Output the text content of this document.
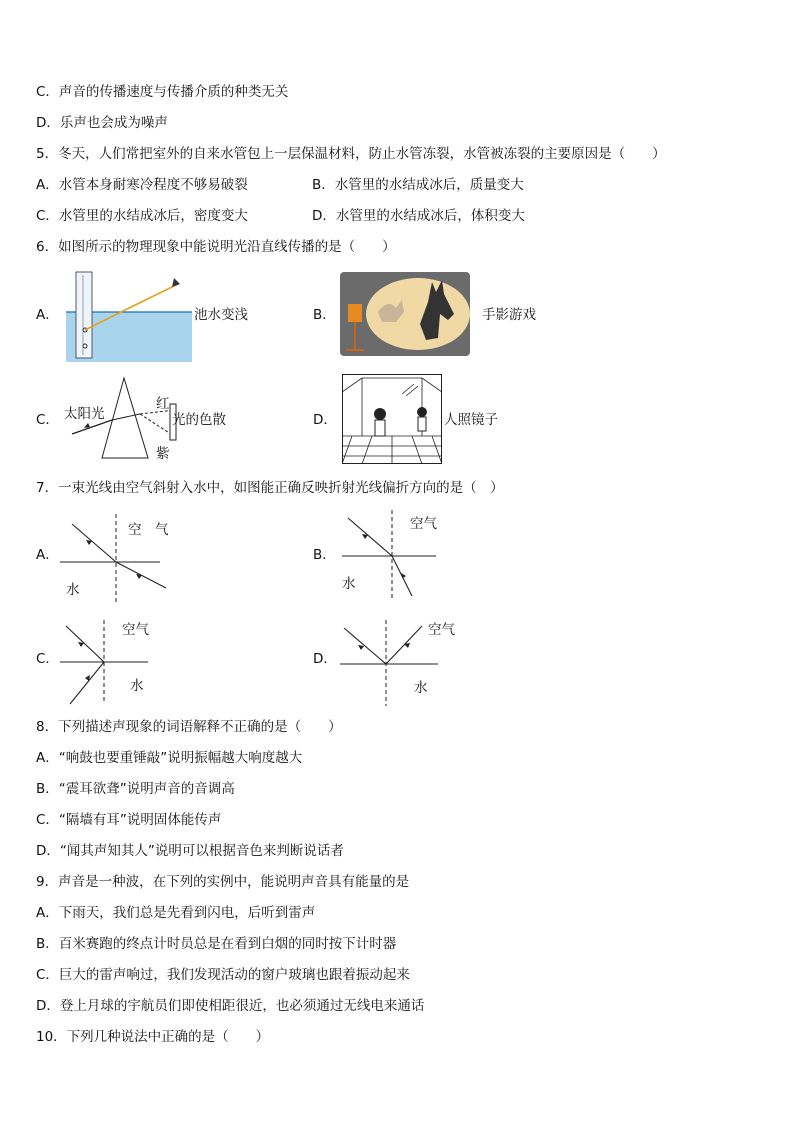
C．声音的传播速度与传播介质的种类无关
D．乐声也会成为噪声
5．冬天，人们常把室外的自来水管包上一层保温材料，防止水管冻裂，水管被冻裂的主要原因是（　　）
A．水管本身耐寒冷程度不够易破裂	B．水管里的水结成冰后，质量变大
C．水管里的水结成冰后，密度变大	D．水管里的水结成冰后，体积变大
6．如图所示的物理现象中能说明光沿直线传播的是（　　）
A．	池水变浅	B．	手影游戏
C． 太阳光
红
紫
光的色散	D．	人照镜子
7．一束光线由空气斜射入水中，如图能正确反映折射光线偏折方向的是（　）
A．
空　气
水
B．
空气
水
C．
空气
水
D．
空气
水
8．下列描述声现象的词语解释不正确的是（　　）
A．“响鼓也要重锤敲”说明振幅越大响度越大
B．“震耳欲聋”说明声音的音调高
C．“隔墙有耳”说明固体能传声
D．“闻其声知其人”说明可以根据音色来判断说话者
9．声音是一种波，在下列的实例中，能说明声音具有能量的是
A．下雨天，我们总是先看到闪电，后听到雷声
B．百米赛跑的终点计时员总是在看到白烟的同时按下计时器
C．巨大的雷声响过，我们发现活动的窗户玻璃也跟着振动起来
D．登上月球的宇航员们即使相距很近，也必须通过无线电来通话
10．下列几种说法中正确的是（　　）
